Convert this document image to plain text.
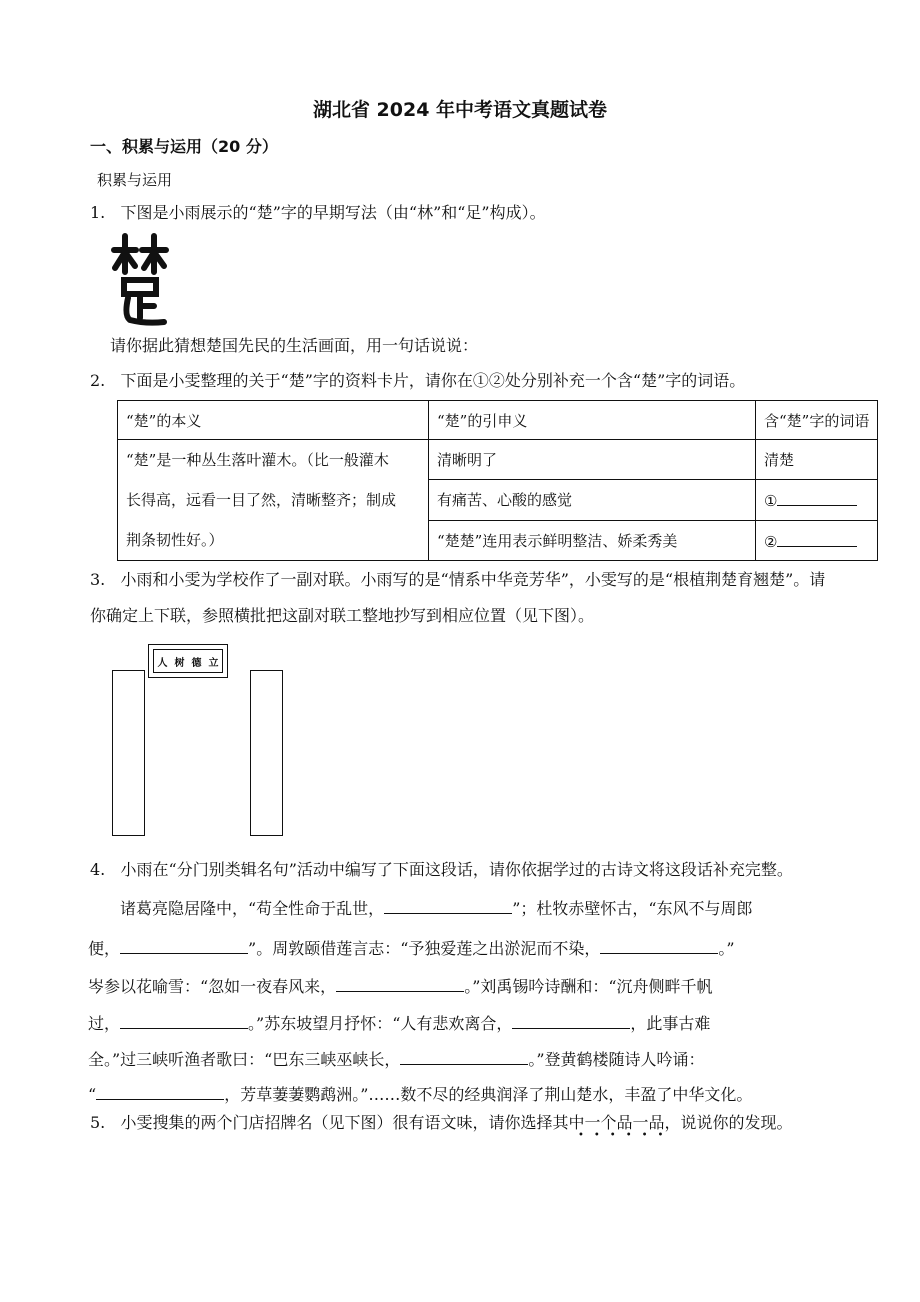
湖北省 2024 年中考语文真题试卷
一、积累与运用（20 分）
积累与运用
1. 下图是小雨展示的“楚”字的早期写法（由“林”和“足”构成）。
请你据此猜想楚国先民的生活画面，用一句话说说：
2. 下面是小雯整理的关于“楚”字的资料卡片，请你在①②处分别补充一个含“楚”字的词语。
“楚”的本义	“楚”的引申义	含“楚”字的词语

“楚”是一种丛生落叶灌木。（比一般灌木
长得高，远看一目了然，清晰整齐；制成
荆条韧性好。）	清晰明了	清楚
	有痛苦、心酸的感觉	①
	“楚楚”连用表示鲜明整洁、娇柔秀美	②
3. 小雨和小雯为学校作了一副对联。小雨写的是“情系中华竞芳华”，小雯写的是“根植荆楚育翘楚”。请
你确定上下联，参照横批把这副对联工整地抄写到相应位置（见下图）。
人 树 德 立
4. 小雨在“分门别类辑名句”活动中编写了下面这段话，请你依据学过的古诗文将这段话补充完整。
诸葛亮隐居隆中，“苟全性命于乱世，	”；杜牧赤壁怀古，“东风不与周郎
便，	”。周敦颐借莲言志：“予独爱莲之出淤泥而不染，	。”
岑参以花喻雪：“忽如一夜春风来，	。”刘禹锡吟诗酬和：“沉舟侧畔千帆
过，	。”苏东坡望月抒怀：“人有悲欢离合，	，此事古难
全。”过三峡听渔者歌曰：“巴东三峡巫峡长，	。”登黄鹤楼随诗人吟诵：
“	，芳草萋萋鹦鹉洲。”……数不尽的经典润泽了荆山楚水，丰盈了中华文化。
5. 小雯搜集的两个门店招牌名（见下图）很有语文味，请你选择其中一个品一品，说说你的发现。
••••••
